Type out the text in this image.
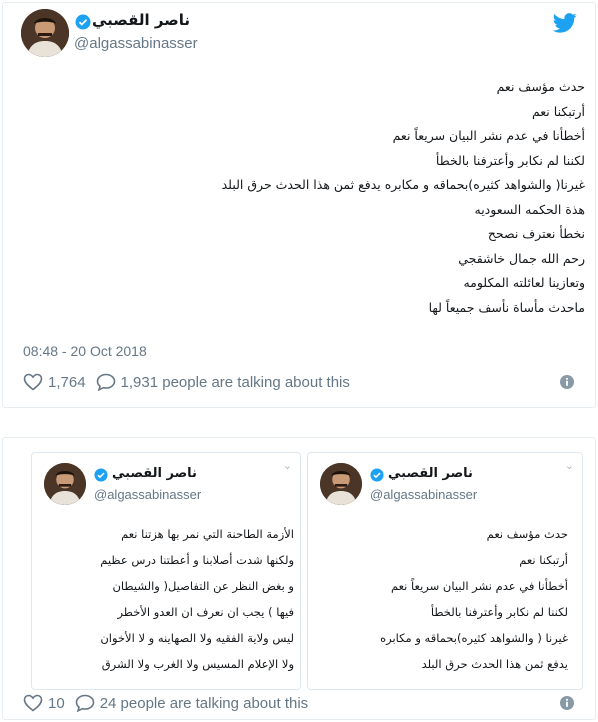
ناصر القصبي
@algassabinasser
حدث مؤسف نعم
أرتبكنا نعم
أخطأنا في عدم نشر البيان سريعاً نعم
لكننا لم نكابر وأعترفنا بالخطأ
غيرنا( والشواهد كثيره)بحماقه و مكابره يدفع ثمن هذا الحدث حرق البلد
هذة الحكمه السعوديه
نخطأ نعترف نصحح
رحم الله جمال خاشقجي
وتعازينا لعائلته المكلومه
ماحدث مأساة نأسف جميعاً لها
08:48 - 20 Oct 2018
1,764 1,931 people are talking about this
⌄
ناصر القصبي
@algassabinasser
الأزمة الطاحنة التي نمر بها هزتنا نعم
ولكنها شدت أصلابنا و أعطتنا درس عظيم
و بغض النظر عن التفاصيل( والشيطان
فيها ) يجب ان نعرف ان العدو الأخطر
ليس ولاية الفقيه ولا الصهاينه و لا الأخوان
ولا الإعلام المسيس ولا الغرب ولا الشرق
⌄
ناصر القصبي
@algassabinasser
حدث مؤسف نعم
أرتبكنا نعم
أخطأنا في عدم نشر البيان سريعاً نعم
لكننا لم نكابر وأعترفنا بالخطأ
غيرنا ( والشواهد كثيره)بحماقه و مكابره
يدفع ثمن هذا الحدث حرق البلد
10 24 people are talking about this
